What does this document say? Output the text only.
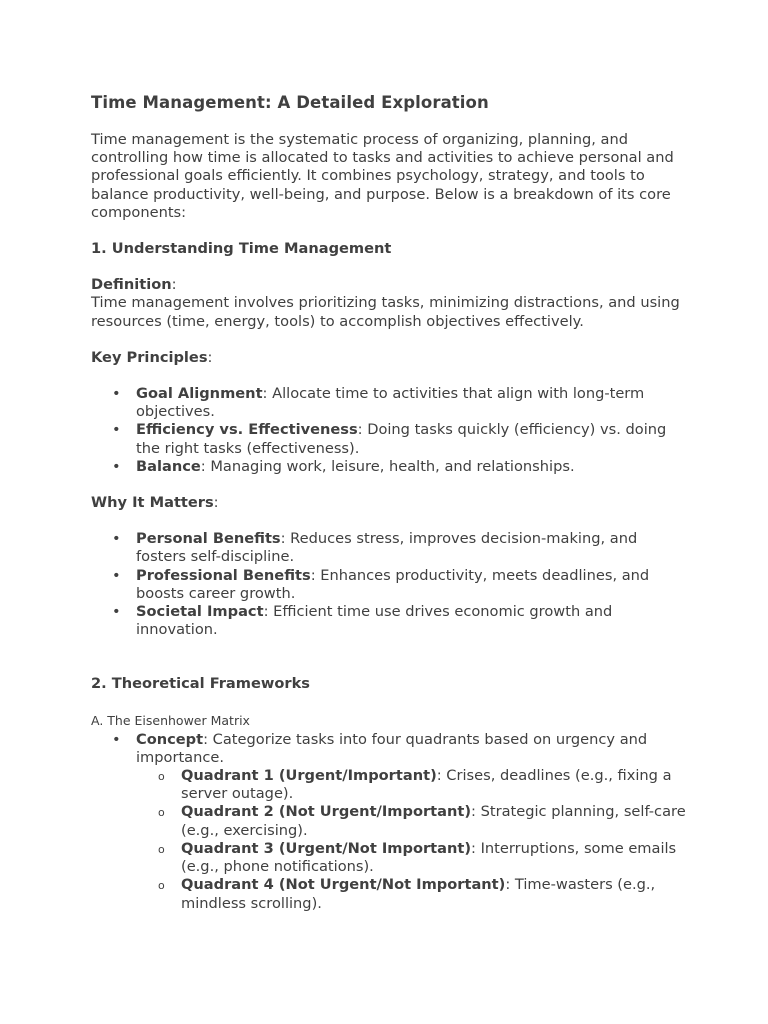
Time Management: A Detailed Exploration

Time management is the systematic process of organizing, planning, and controlling how time is allocated to tasks and activities to achieve personal and professional goals efficiently. It combines psychology, strategy, and tools to balance productivity, well-being, and purpose. Below is a breakdown of its core components:

1. Understanding Time Management

Definition:

Time management involves prioritizing tasks, minimizing distractions, and using resources (time, energy, tools) to accomplish objectives effectively.

Key Principles:

• Goal Alignment: Allocate time to activities that align with long-term objectives.
• Efficiency vs. Effectiveness: Doing tasks quickly (efficiency) vs. doing the right tasks (effectiveness).
• Balance: Managing work, leisure, health, and relationships.

Why It Matters:

• Personal Benefits: Reduces stress, improves decision-making, and fosters self-discipline.
• Professional Benefits: Enhances productivity, meets deadlines, and boosts career growth.
• Societal Impact: Efficient time use drives economic growth and innovation.
2. Theoretical Frameworks

A. The Eisenhower Matrix

• Concept: Categorize tasks into four quadrants based on urgency and importance.
o Quadrant 1 (Urgent/Important): Crises, deadlines (e.g., fixing a server outage).
o Quadrant 2 (Not Urgent/Important): Strategic planning, self-care (e.g., exercising).
o Quadrant 3 (Urgent/Not Important): Interruptions, some emails (e.g., phone notifications).
o Quadrant 4 (Not Urgent/Not Important): Time-wasters (e.g., mindless scrolling).
